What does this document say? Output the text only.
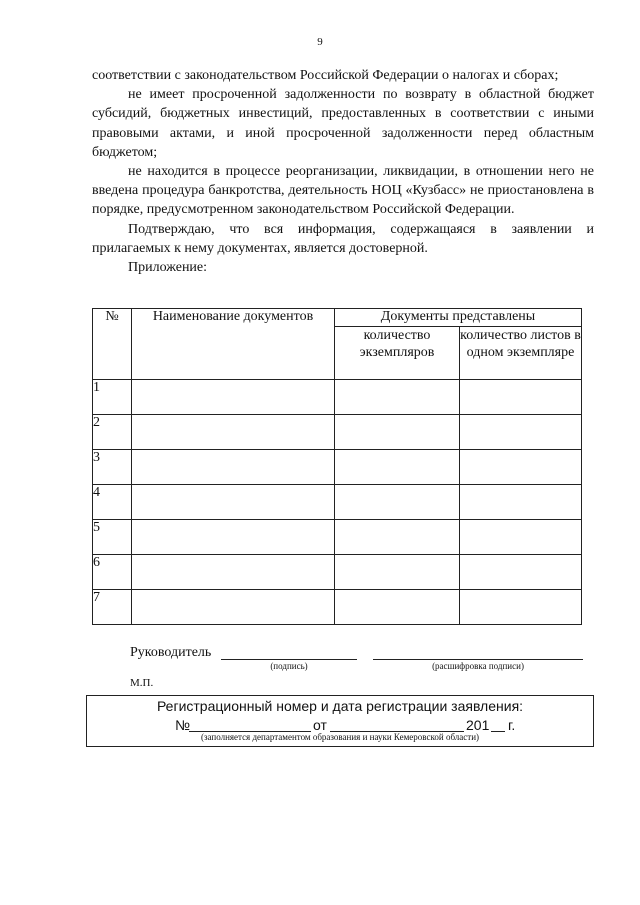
9

соответствии с законодательством Российской Федерации о налогах и сборах;

не имеет просроченной задолженности по возврату в областной бюджет субсидий, бюджетных инвестиций, предоставленных в соответствии с иными правовыми актами, и иной просроченной задолженности перед областным бюджетом;

не находится в процессе реорганизации, ликвидации, в отношении него не введена процедура банкротства, деятельность НОЦ «Кузбасс» не приостановлена в порядке, предусмотренном законодательством Российской Федерации.

Подтверждаю, что вся информация, содержащаяся в заявлении и прилагаемых к нему документах, является достоверной.

Приложение:

№	Наименование документов	Документы представлены	
		количество экземпляров	количество листов в одном экземпляре
1			
2			
3			
4			
5			
6			
7			
Руководитель
(подпись)	(расшифровка подписи)
М.П.
Регистрационный номер и дата регистрации заявления:
№	от	201 г.
(заполняется департаментом образования и науки Кемеровской области)
